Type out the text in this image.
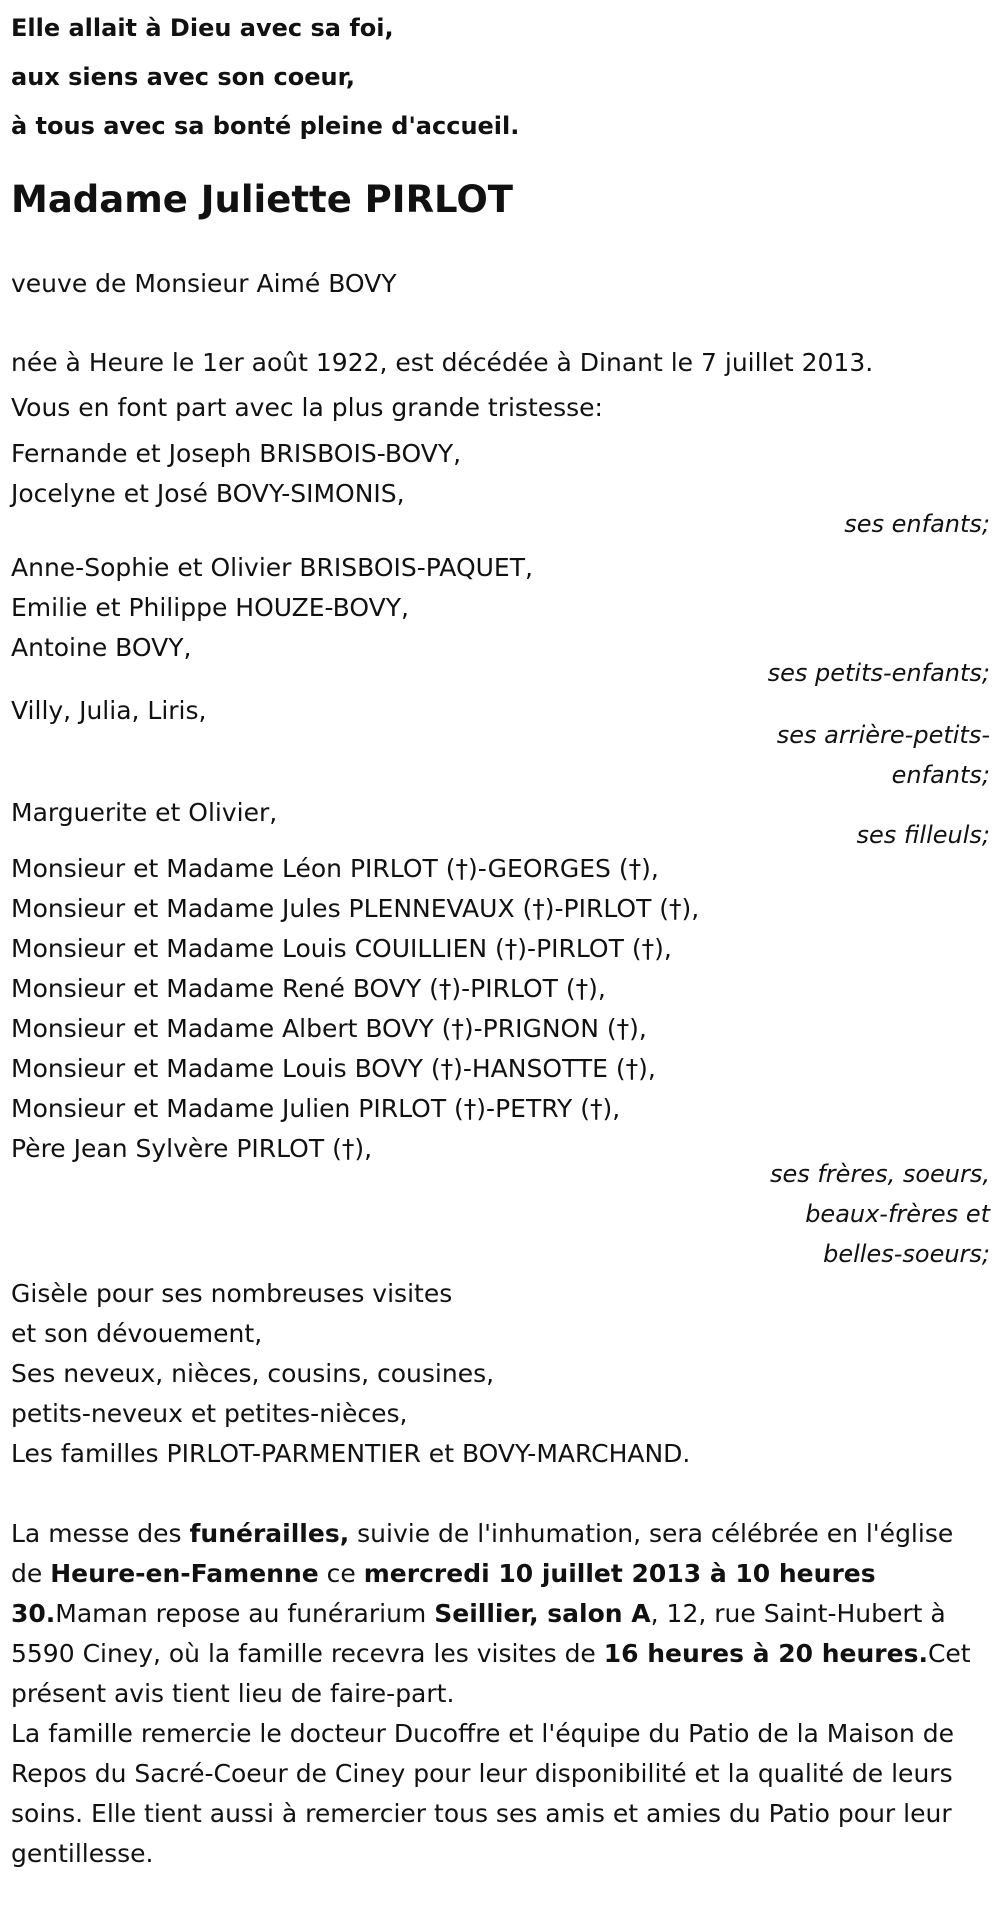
Elle allait à Dieu avec sa foi,
aux siens avec son coeur,
à tous avec sa bonté pleine d'accueil.
Madame Juliette PIRLOT
veuve de Monsieur Aimé BOVY
née à Heure le 1er août 1922, est décédée à Dinant le 7 juillet 2013.
Vous en font part avec la plus grande tristesse:
Fernande et Joseph BRISBOIS-BOVY,
Jocelyne et José BOVY-SIMONIS,
ses enfants;
Anne-Sophie et Olivier BRISBOIS-PAQUET,
Emilie et Philippe HOUZE-BOVY,
Antoine BOVY,
ses petits-enfants;
Villy, Julia, Liris,
ses arrière-petits-
enfants;
Marguerite et Olivier,
ses filleuls;
Monsieur et Madame Léon PIRLOT (†)-GEORGES (†),
Monsieur et Madame Jules PLENNEVAUX (†)-PIRLOT (†),
Monsieur et Madame Louis COUILLIEN (†)-PIRLOT (†),
Monsieur et Madame René BOVY (†)-PIRLOT (†),
Monsieur et Madame Albert BOVY (†)-PRIGNON (†),
Monsieur et Madame Louis BOVY (†)-HANSOTTE (†),
Monsieur et Madame Julien PIRLOT (†)-PETRY (†),
Père Jean Sylvère PIRLOT (†),
ses frères, soeurs,
beaux-frères et
belles-soeurs;
Gisèle pour ses nombreuses visites
et son dévouement,
Ses neveux, nièces, cousins, cousines,
petits-neveux et petites-nièces,
Les familles PIRLOT-PARMENTIER et BOVY-MARCHAND.

La messe des funérailles, suivie de l'inhumation, sera célébrée en l'église de Heure-en-Famenne ce mercredi 10 juillet 2013 à 10 heures 30.Maman repose au funérarium Seillier, salon A, 12, rue Saint-Hubert à 5590 Ciney, où la famille recevra les visites de 16 heures à 20 heures.Cet présent avis tient lieu de faire-part.

La famille remercie le docteur Ducoffre et l'équipe du Patio de la Maison de Repos du Sacré-Coeur de Ciney pour leur disponibilité et la qualité de leurs soins. Elle tient aussi à remercier tous ses amis et amies du Patio pour leur gentillesse.
